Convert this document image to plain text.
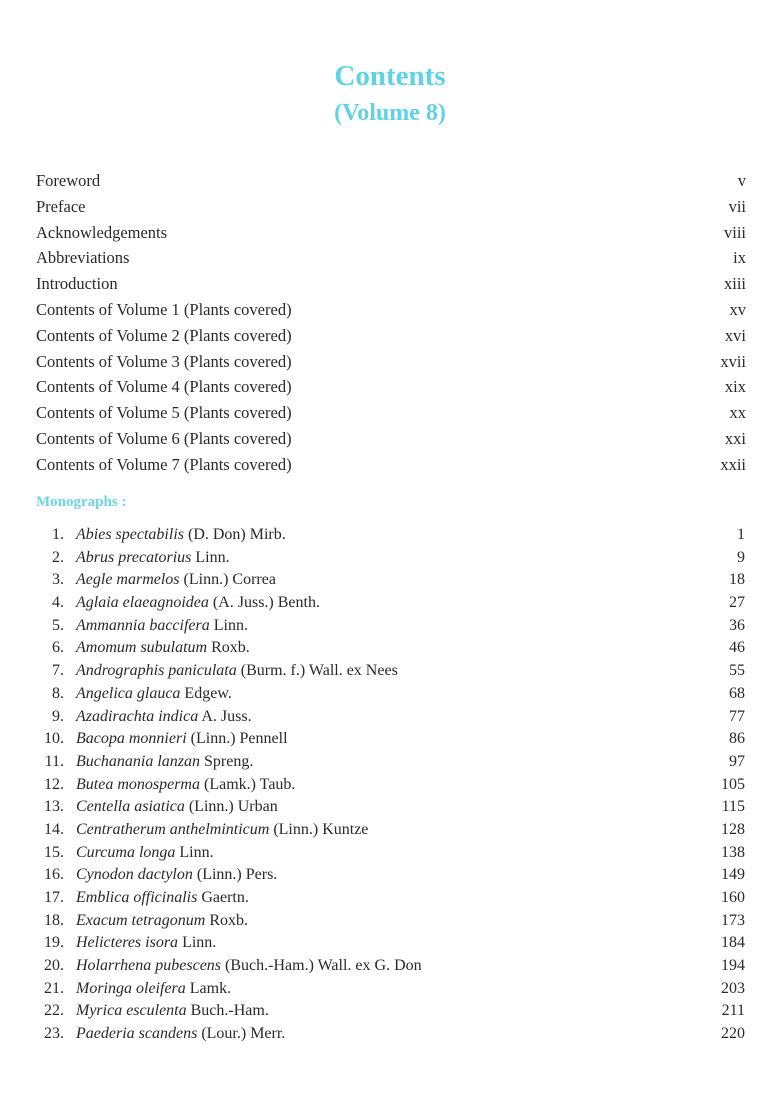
Contents
(Volume 8)
Foreword	v
Preface	vii
Acknowledgements	viii
Abbreviations	ix
Introduction	xiii
Contents of Volume 1 (Plants covered)	xv
Contents of Volume 2 (Plants covered)	xvi
Contents of Volume 3 (Plants covered)	xvii
Contents of Volume 4 (Plants covered)	xix
Contents of Volume 5 (Plants covered)	xx
Contents of Volume 6 (Plants covered)	xxi
Contents of Volume 7 (Plants covered)	xxii
Monographs :
1. Abies spectabilis (D. Don) Mirb.	1
2. Abrus precatorius Linn.	9
3. Aegle marmelos (Linn.) Correa	18
4. Aglaia elaeagnoidea (A. Juss.) Benth.	27
5. Ammannia baccifera Linn.	36
6. Amomum subulatum Roxb.	46
7. Andrographis paniculata (Burm. f.) Wall. ex Nees	55
8. Angelica glauca Edgew.	68
9. Azadirachta indica A. Juss.	77
10. Bacopa monnieri (Linn.) Pennell	86
11. Buchanania lanzan Spreng.	97
12. Butea monosperma (Lamk.) Taub.	105
13. Centella asiatica (Linn.) Urban	115
14. Centratherum anthelminticum (Linn.) Kuntze	128
15. Curcuma longa Linn.	138
16. Cynodon dactylon (Linn.) Pers.	149
17. Emblica officinalis Gaertn.	160
18. Exacum tetragonum Roxb.	173
19. Helicteres isora Linn.	184
20. Holarrhena pubescens (Buch.-Ham.) Wall. ex G. Don	194
21. Moringa oleifera Lamk.	203
22. Myrica esculenta Buch.-Ham.	211
23. Paederia scandens (Lour.) Merr.	220
